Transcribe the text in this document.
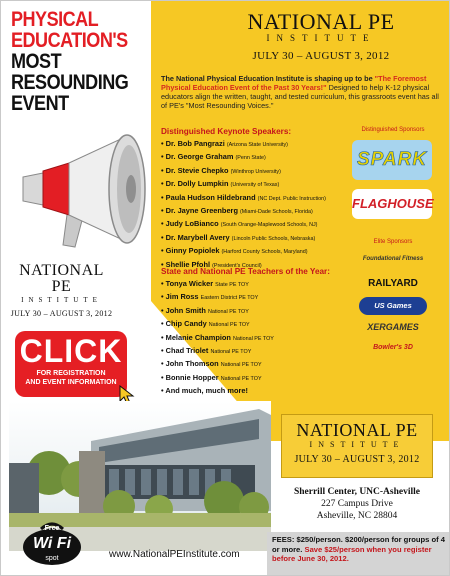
PHYSICAL
EDUCATION'S
MOST
RESOUNDING
EVENT
NATIONAL PE
INSTITUTE
JULY 30 – AUGUST 3, 2012
The National Physical Education Institute is shaping up to be "The Foremost Physical Education Event of the Past 30 Years!" Designed to help K-12 physical educators align the written, taught, and tested curriculum, this grassroots event has all of PE's "Most Resounding Voices."
Distinguished Keynote Speakers:
• Dr. Bob Pangrazi (Arizona State University)
• Dr. George Graham (Penn State)
• Dr. Stevie Chepko (Winthrop University)
• Dr. Dolly Lumpkin (University of Texas)
• Paula Hudson Hildebrand (NC Dept. Public Instruction)
• Dr. Jayne Greenberg (Miami-Dade Schools, Florida)
• Judy LoBianco (South Orange-Maplewood Schools, NJ)
• Dr. Marybell Avery (Lincoln Public Schools, Nebraska)
• Ginny Popiolek (Harford County Schools, Maryland)
• Shellie Pfohl (President's Council)
State and National PE Teachers of the Year:
• Tonya Wicker State PE TOY
• Jim Ross Eastern District PE TOY
• John Smith National PE TOY
• Chip Candy National PE TOY
• Melanie Champion National PE TOY
• Chad Triolet National PE TOY
• John Thomson National PE TOY
• Bonnie Hopper National PE TOY
• And much, much more!
Distinguished Sponsors
SPARK
FLAGHOUSE
Elite Sponsors
Foundational Fitness
RAILYARD
US Games
XERGAMES
Bowler's 3D
NATIONAL PE
INSTITUTE
JULY 30 – AUGUST 3, 2012
CLICK
FOR REGISTRATION
AND EVENT INFORMATION
NATIONAL PE
INSTITUTE
JULY 30 – AUGUST 3, 2012
Sherrill Center, UNC-Asheville
227 Campus Drive
Asheville, NC 28804
FEES: $250/person. $200/person for groups of 4 or more. Save $25/person when you register before June 30, 2012.
www.NationalPEInstitute.com
Free
Wi Fi
spot
